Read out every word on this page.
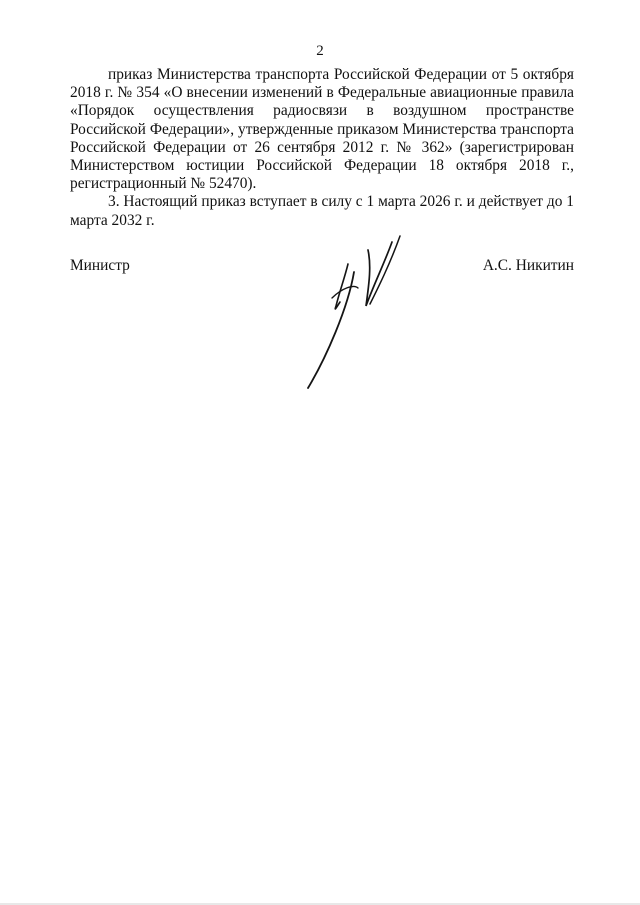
2

приказ Министерства транспорта Российской Федерации от 5 октября 2018 г. № 354 «О внесении изменений в Федеральные авиационные правила «Порядок осуществления радиосвязи в воздушном пространстве Российской Федерации», утвержденные приказом Министерства транспорта Российской Федерации от 26 сентября 2012 г. № 362» (зарегистрирован Министерством юстиции Российской Федерации 18 октября 2018 г., регистрационный № 52470).

3. Настоящий приказ вступает в силу с 1 марта 2026 г. и действует до 1 марта 2032 г.

Министр	А.С. Никитин
